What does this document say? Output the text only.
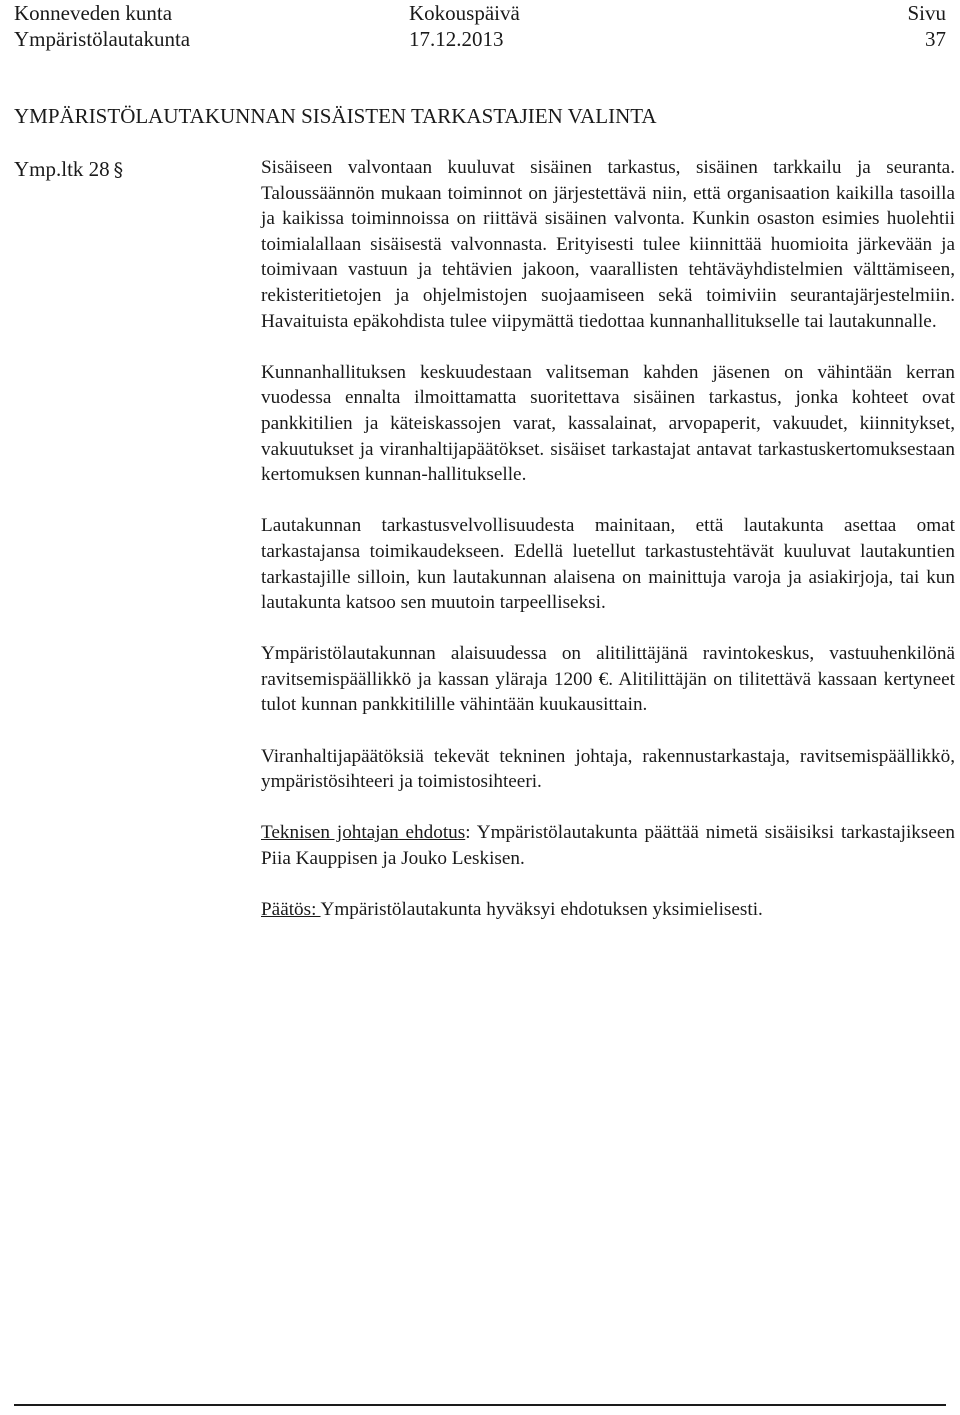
Konneveden kunta
Ympäristölautakunta
Kokouspäivä
17.12.2013
Sivu
37
YMPÄRISTÖLAUTAKUNNAN SISÄISTEN TARKASTAJIEN VALINTA
Ymp.ltk 28 §	Sisäiseen valvontaan kuuluvat sisäinen tarkastus, sisäinen tarkkailu ja seuranta. Taloussäännön mukaan toiminnot on järjestettävä niin, että organisaation kaikilla tasoilla ja kaikissa toiminnoissa on riittävä sisäinen valvonta. Kunkin osaston esimies huolehtii toimialallaan sisäisestä valvonnasta. Erityisesti tulee kiinnittää huomioita järkevään ja toimivaan vastuun ja tehtävien jakoon, vaarallisten tehtäväyhdistelmien välttämiseen, rekisteritietojen ja ohjelmistojen suojaamiseen sekä toimiviin seurantajärjestelmiin. Havaituista epäkohdista tulee viipymättä tiedottaa kunnanhallitukselle tai lautakunnalle.

Kunnanhallituksen keskuudestaan valitseman kahden jäsenen on vähintään kerran vuodessa ennalta ilmoittamatta suoritettava sisäinen tarkastus, jonka kohteet ovat pankkitilien ja käteiskassojen varat, kassalainat, arvopaperit, vakuudet, kiinnitykset, vakuutukset ja viranhaltijapäätökset. sisäiset tarkastajat antavat tarkastuskertomuksestaan kertomuksen kunnan-hallitukselle.

Lautakunnan tarkastusvelvollisuudesta mainitaan, että lautakunta asettaa omat tarkastajansa toimikaudekseen. Edellä luetellut tarkastustehtävät kuuluvat lautakuntien tarkastajille silloin, kun lautakunnan alaisena on mainittuja varoja ja asiakirjoja, tai kun lautakunta katsoo sen muutoin tarpeelliseksi.

Ympäristölautakunnan alaisuudessa on alitilittäjänä ravintokeskus, vastuuhenkilönä ravitsemispäällikkö ja kassan yläraja 1200 €. Alitilittäjän on tilitettävä kassaan kertyneet tulot kunnan pankkitilille vähintään kuukausittain.

Viranhaltijapäätöksiä tekevät tekninen johtaja, rakennustarkastaja, ravitsemispäällikkö, ympäristösihteeri ja toimistosihteeri.

Teknisen johtajan ehdotus: Ympäristölautakunta päättää nimetä sisäisiksi tarkastajikseen Piia Kauppisen ja Jouko Leskisen.

Päätös: Ympäristölautakunta hyväksyi ehdotuksen yksimielisesti.
